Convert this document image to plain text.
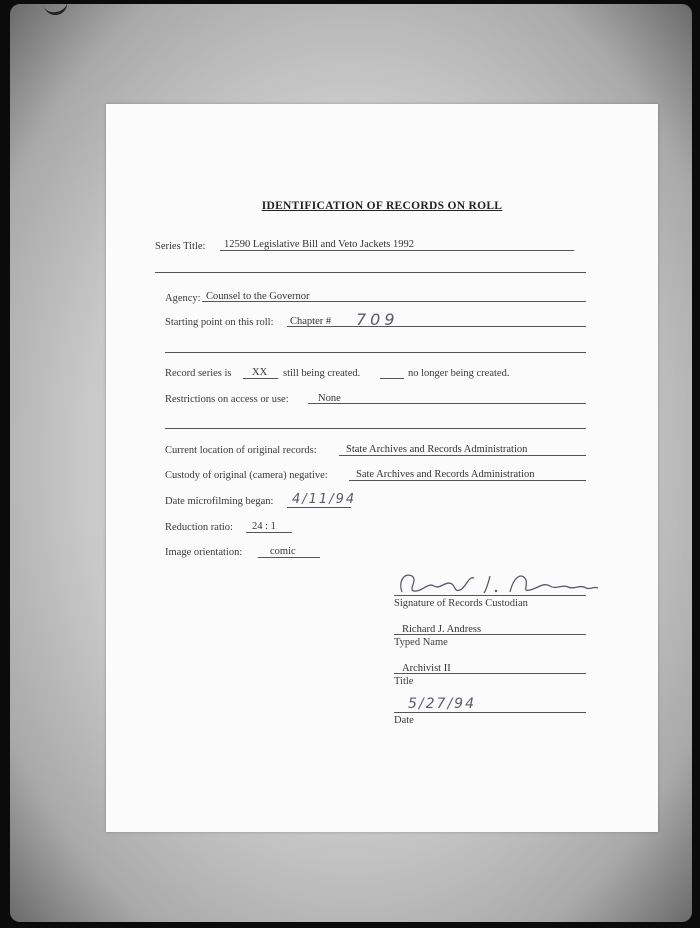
IDENTIFICATION OF RECORDS ON ROLL
Series Title: 12590 Legislative Bill and Veto Jackets 1992
Agency: Counsel to the Governor
Starting point on this roll: Chapter # 709
Record series is XX still being created.	no longer being created.
Restrictions on access or use:	None
Current location of original records:	State Archives and Records Administration
Custody of original (camera) negative:	Sate Archives and Records Administration
Date microfilming began: 4/11/94
Reduction ratio: 24 : 1
Image orientation:	comic
Signature of Records Custodian
Richard J. Andress
Typed Name
Archivist II
Title
5/27/94
Date
